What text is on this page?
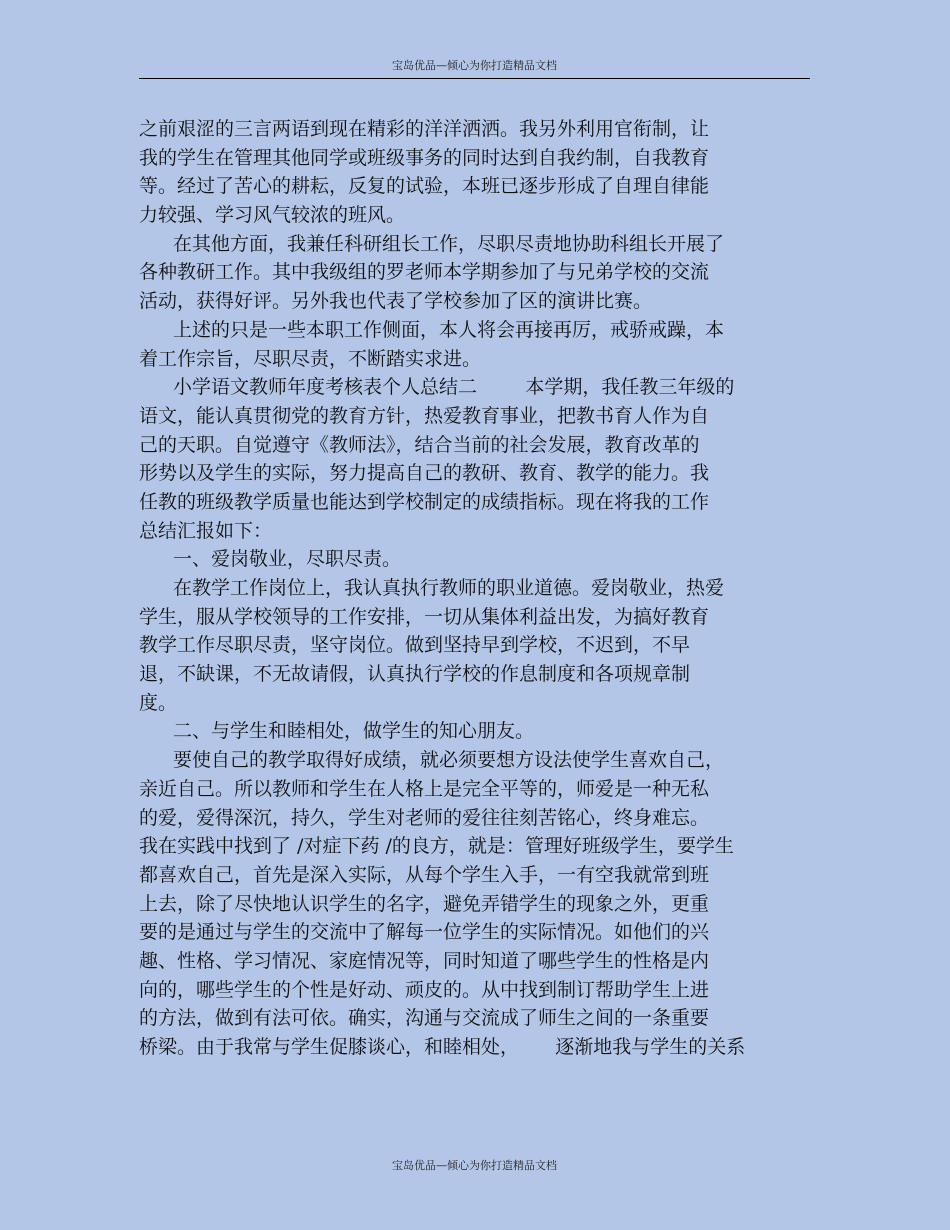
宝岛优品—倾心为你打造精品文档
之前艰涩的三言两语到现在精彩的洋洋洒洒。我另外利用官衔制，让
我的学生在管理其他同学或班级事务的同时达到自我约制，自我教育
等。经过了苦心的耕耘，反复的试验，本班已逐步形成了自理自律能
力较强、学习风气较浓的班风。
在其他方面，我兼任科研组长工作，尽职尽责地协助科组长开展了
各种教研工作。其中我级组的罗老师本学期参加了与兄弟学校的交流
活动，获得好评。另外我也代表了学校参加了区的演讲比赛。
上述的只是一些本职工作侧面，本人将会再接再厉，戒骄戒躁，本
着工作宗旨，尽职尽责，不断踏实求进。
小学语文教师年度考核表个人总结二        本学期，我任教三年级的
语文，能认真贯彻党的教育方针，热爱教育事业，把教书育人作为自
己的天职。自觉遵守《教师法》，结合当前的社会发展，教育改革的
形势以及学生的实际，努力提高自己的教研、教育、教学的能力。我
任教的班级教学质量也能达到学校制定的成绩指标。现在将我的工作
总结汇报如下：
一、爱岗敬业，尽职尽责。
在教学工作岗位上，我认真执行教师的职业道德。爱岗敬业，热爱
学生，服从学校领导的工作安排，一切从集体利益出发，为搞好教育
教学工作尽职尽责，坚守岗位。做到坚持早到学校，不迟到，不早
退，不缺课，不无故请假，认真执行学校的作息制度和各项规章制
度。
二、与学生和睦相处，做学生的知心朋友。
要使自己的教学取得好成绩，就必须要想方设法使学生喜欢自己，
亲近自己。所以教师和学生在人格上是完全平等的，师爱是一种无私
的爱，爱得深沉，持久，学生对老师的爱往往刻苦铭心，终身难忘。
我在实践中找到了 /对症下药 /的良方，就是：管理好班级学生，要学生
都喜欢自己，首先是深入实际，从每个学生入手，一有空我就常到班
上去，除了尽快地认识学生的名字，避免弄错学生的现象之外，更重
要的是通过与学生的交流中了解每一位学生的实际情况。如他们的兴
趣、性格、学习情况、家庭情况等，同时知道了哪些学生的性格是内
向的，哪些学生的个性是好动、顽皮的。从中找到制订帮助学生上进
的方法，做到有法可依。确实，沟通与交流成了师生之间的一条重要
桥梁。由于我常与学生促膝谈心，和睦相处，      逐渐地我与学生的关系
宝岛优品—倾心为你打造精品文档
